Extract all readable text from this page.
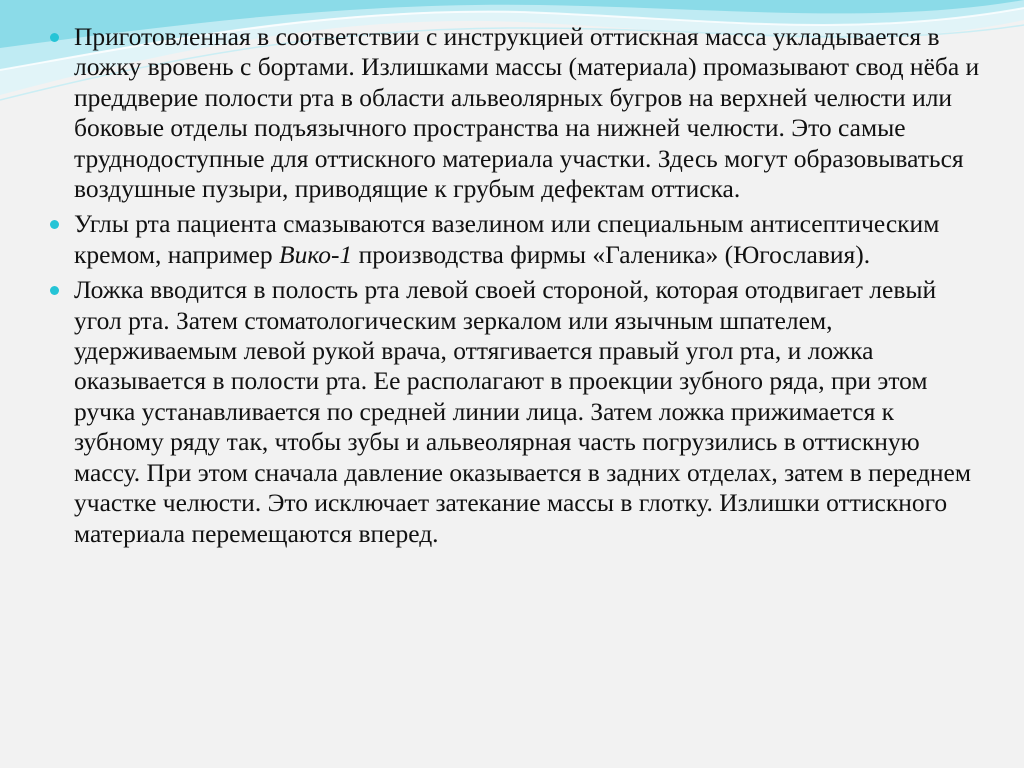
Приготовленная в соответствии с инструкцией оттискная масса укладывается в ложку вровень с бортами. Излишками массы (материала) промазывают свод нёба и преддверие полости рта в области альвеолярных бугров на верхней челюсти или боковые отделы подъязычного пространства на нижней челюсти. Это самые труднодоступные для оттискного материала участки. Здесь могут образовываться воздушные пузыри, приводящие к грубым дефектам оттиска.
Углы рта пациента смазываются вазелином или специальным антисептическим кремом, например Вико-1 производства фирмы «Галеника» (Югославия).
Ложка вводится в полость рта левой своей стороной, которая отодвигает левый угол рта. Затем стоматологическим зеркалом или язычным шпателем, удерживаемым левой рукой врача, оттягивается правый угол рта, и ложка оказывается в полости рта. Ее располагают в проекции зубного ряда, при этом ручка устанавливается по средней линии лица. Затем ложка прижимается к зубному ряду так, чтобы зубы и альвеолярная часть погрузились в оттискную массу. При этом сначала давление оказывается в задних отделах, затем в переднем участке челюсти. Это исключает затекание массы в глотку. Излишки оттискного материала перемещаются вперед.
